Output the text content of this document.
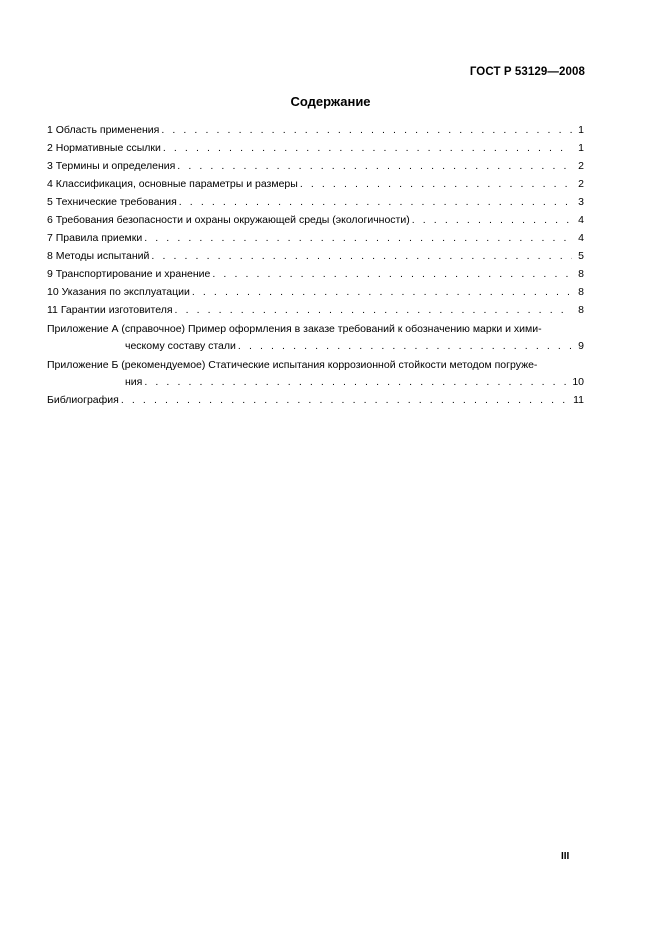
ГОСТ Р 53129—2008
Содержание
1 Область применения . . .	1
2 Нормативные ссылки . . .	1
3 Термины и определения . . .	2
4 Классификация, основные параметры и размеры . . .	2
5 Технические требования . . .	3
6 Требования безопасности и охраны окружающей среды (экологичности) . . .	4
7 Правила приемки . . .	4
8 Методы испытаний . . .	5
9 Транспортирование и хранение . . .	8
10 Указания по эксплуатации . . .	8
11 Гарантии изготовителя . . .	8
Приложение А (справочное) Пример оформления в заказе требований к обозначению марки и хими-
ческому составу стали . . .	9
Приложение Б (рекомендуемое) Статические испытания коррозионной стойкости методом погруже-
ния . . .	10
Библиография . . .	11
III
